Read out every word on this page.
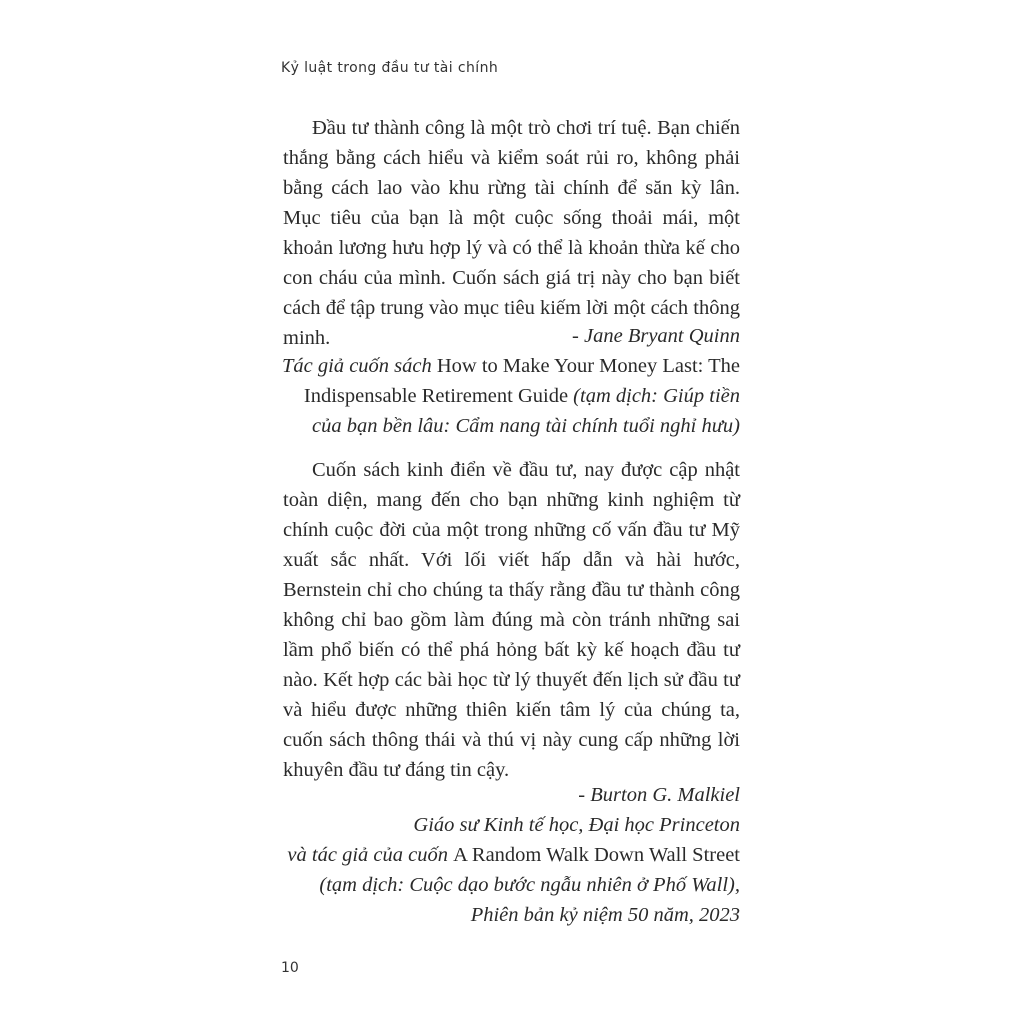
Kỷ luật trong đầu tư tài chính

Đầu tư thành công là một trò chơi trí tuệ. Bạn chiến thắng bằng cách hiểu và kiểm soát rủi ro, không phải bằng cách lao vào khu rừng tài chính để săn kỳ lân. Mục tiêu của bạn là một cuộc sống thoải mái, một khoản lương hưu hợp lý và có thể là khoản thừa kế cho con cháu của mình. Cuốn sách giá trị này cho bạn biết cách để tập trung vào mục tiêu kiếm lời một cách thông minh.	- Jane Bryant Quinn
Tác giả cuốn sách How to Make Your Money Last: The
Indispensable Retirement Guide (tạm dịch: Giúp tiền
của bạn bền lâu: Cẩm nang tài chính tuổi nghỉ hưu)

Cuốn sách kinh điển về đầu tư, nay được cập nhật toàn diện, mang đến cho bạn những kinh nghiệm từ chính cuộc đời của một trong những cố vấn đầu tư Mỹ xuất sắc nhất. Với lối viết hấp dẫn và hài hước, Bernstein chỉ cho chúng ta thấy rằng đầu tư thành công không chỉ bao gồm làm đúng mà còn tránh những sai lầm phổ biến có thể phá hỏng bất kỳ kế hoạch đầu tư nào. Kết hợp các bài học từ lý thuyết đến lịch sử đầu tư và hiểu được những thiên kiến tâm lý của chúng ta, cuốn sách thông thái và thú vị này cung cấp những lời khuyên đầu tư đáng tin cậy.

- Burton G. Malkiel
Giáo sư Kinh tế học, Đại học Princeton
và tác giả của cuốn A Random Walk Down Wall Street
(tạm dịch: Cuộc dạo bước ngẫu nhiên ở Phố Wall),
Phiên bản kỷ niệm 50 năm, 2023
10
